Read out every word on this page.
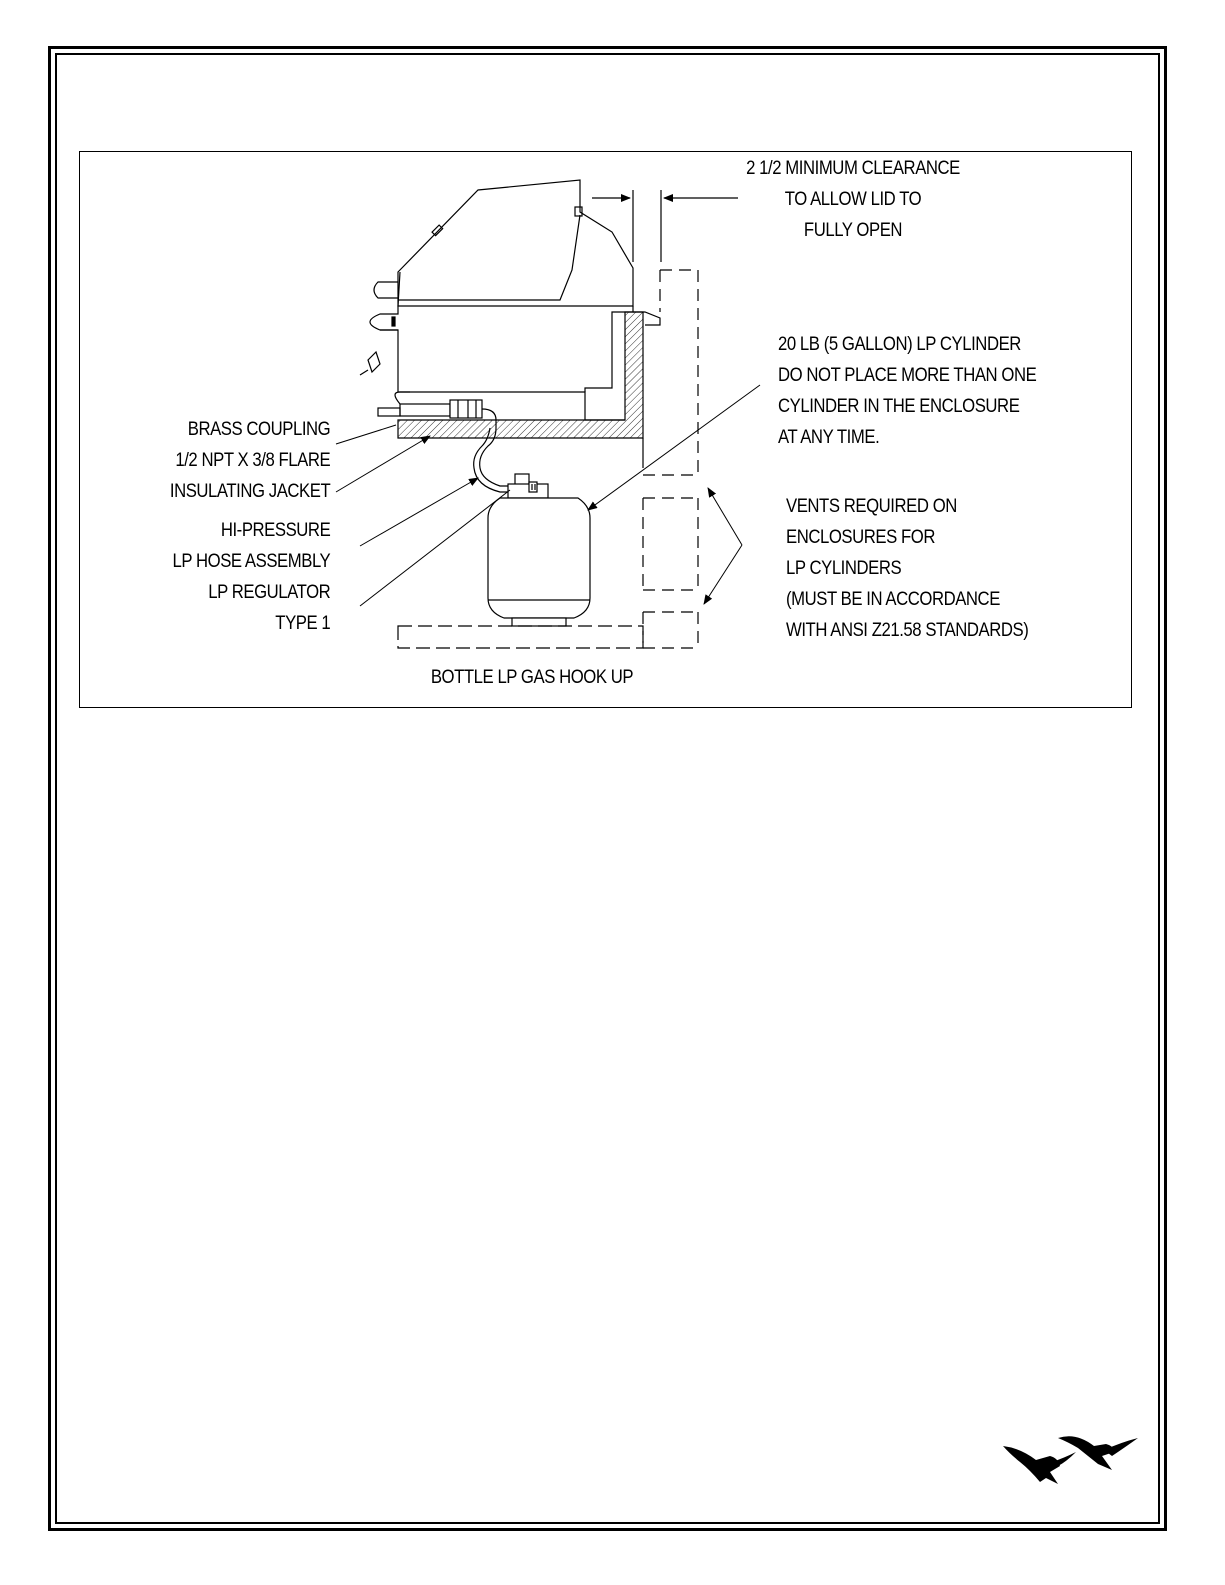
2 1/2 MINIMUM CLEARANCE
TO ALLOW LID TO
FULLY OPEN
20 LB (5 GALLON) LP CYLINDER
DO NOT PLACE MORE THAN ONE
CYLINDER IN THE ENCLOSURE
AT ANY TIME.
VENTS REQUIRED ON
ENCLOSURES FOR
LP CYLINDERS
(MUST BE IN ACCORDANCE
WITH ANSI Z21.58 STANDARDS)
BRASS COUPLING
1/2 NPT X 3/8 FLARE
INSULATING JACKET
HI-PRESSURE
LP HOSE ASSEMBLY
LP REGULATOR
TYPE 1
BOTTLE LP GAS HOOK UP
